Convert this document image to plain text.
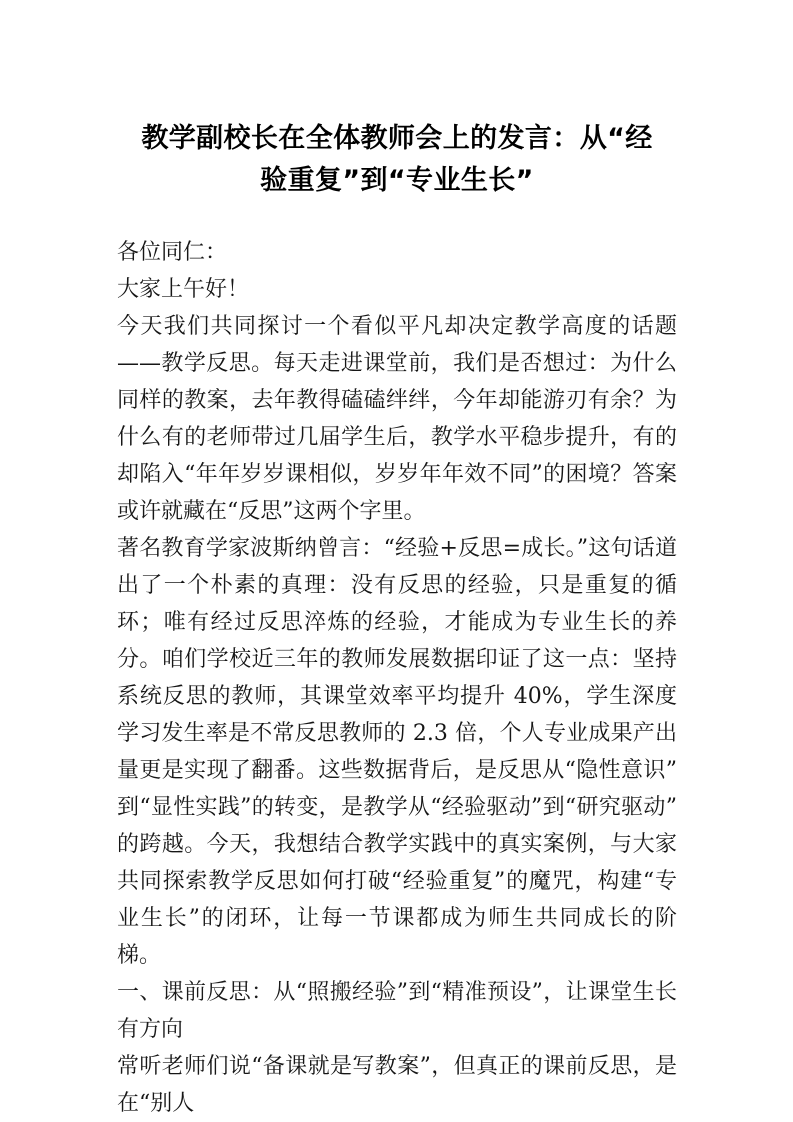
教学副校长在全体教师会上的发言：从“经
验重复”到“专业生长”

各位同仁：

大家上午好！

今天我们共同探讨一个看似平凡却决定教学高度的话题——教学反思。每天走进课堂前，我们是否想过：为什么同样的教案，去年教得磕磕绊绊，今年却能游刃有余？为什么有的老师带过几届学生后，教学水平稳步提升，有的却陷入“年年岁岁课相似，岁岁年年效不同”的困境？答案或许就藏在“反思”这两个字里。

著名教育学家波斯纳曾言：“经验+反思=成长。”这句话道出了一个朴素的真理：没有反思的经验，只是重复的循环；唯有经过反思淬炼的经验，才能成为专业生长的养分。咱们学校近三年的教师发展数据印证了这一点：坚持系统反思的教师，其课堂效率平均提升 40%，学生深度学习发生率是不常反思教师的 2.3 倍，个人专业成果产出量更是实现了翻番。这些数据背后，是反思从“隐性意识”到“显性实践”的转变，是教学从“经验驱动”到“研究驱动”的跨越。今天，我想结合教学实践中的真实案例，与大家共同探索教学反思如何打破“经验重复”的魔咒，构建“专业生长”的闭环，让每一节课都成为师生共同成长的阶梯。

一、课前反思：从“照搬经验”到“精准预设”，让课堂生长有方向

常听老师们说“备课就是写教案”，但真正的课前反思，是在“别人
